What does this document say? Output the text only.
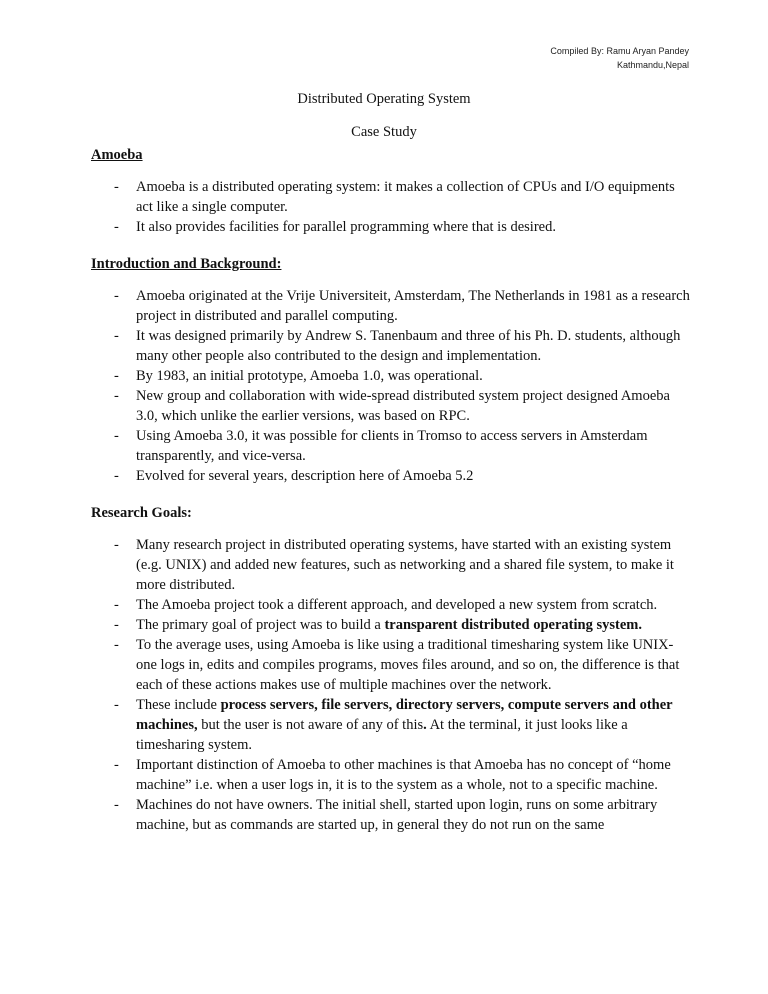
Compiled By: Ramu Aryan Pandey
Kathmandu,Nepal
Distributed Operating System
Case Study

Amoeba

- Amoeba is a distributed operating system: it makes a collection of CPUs and I/O equipments act like a single computer.
- It also provides facilities for parallel programming where that is desired.

Introduction and Background:

- Amoeba originated at the Vrije Universiteit, Amsterdam, The Netherlands in 1981 as a research project in distributed and parallel computing.
- It was designed primarily by Andrew S. Tanenbaum and three of his Ph. D. students, although many other people also contributed to the design and implementation.
- By 1983, an initial prototype, Amoeba 1.0, was operational.
- New group and collaboration with wide-spread distributed system project designed Amoeba 3.0, which unlike the earlier versions, was based on RPC.
- Using Amoeba 3.0, it was possible for clients in Tromso to access servers in Amsterdam transparently, and vice-versa.
- Evolved for several years, description here of Amoeba 5.2

Research Goals:

- Many research project in distributed operating systems, have started with an existing system (e.g. UNIX) and added new features, such as networking and a shared file system, to make it more distributed.
- The Amoeba project took a different approach, and developed a new system from scratch.
- The primary goal of project was to build a transparent distributed operating system.
- To the average uses, using Amoeba is like using a traditional timesharing system like UNIX- one logs in, edits and compiles programs, moves files around, and so on, the difference is that each of these actions makes use of multiple machines over the network.
- These include process servers, file servers, directory servers, compute servers and other machines, but the user is not aware of any of this. At the terminal, it just looks like a timesharing system.
- Important distinction of Amoeba to other machines is that Amoeba has no concept of “home machine” i.e. when a user logs in, it is to the system as a whole, not to a specific machine.
- Machines do not have owners. The initial shell, started upon login, runs on some arbitrary machine, but as commands are started up, in general they do not run on the same
